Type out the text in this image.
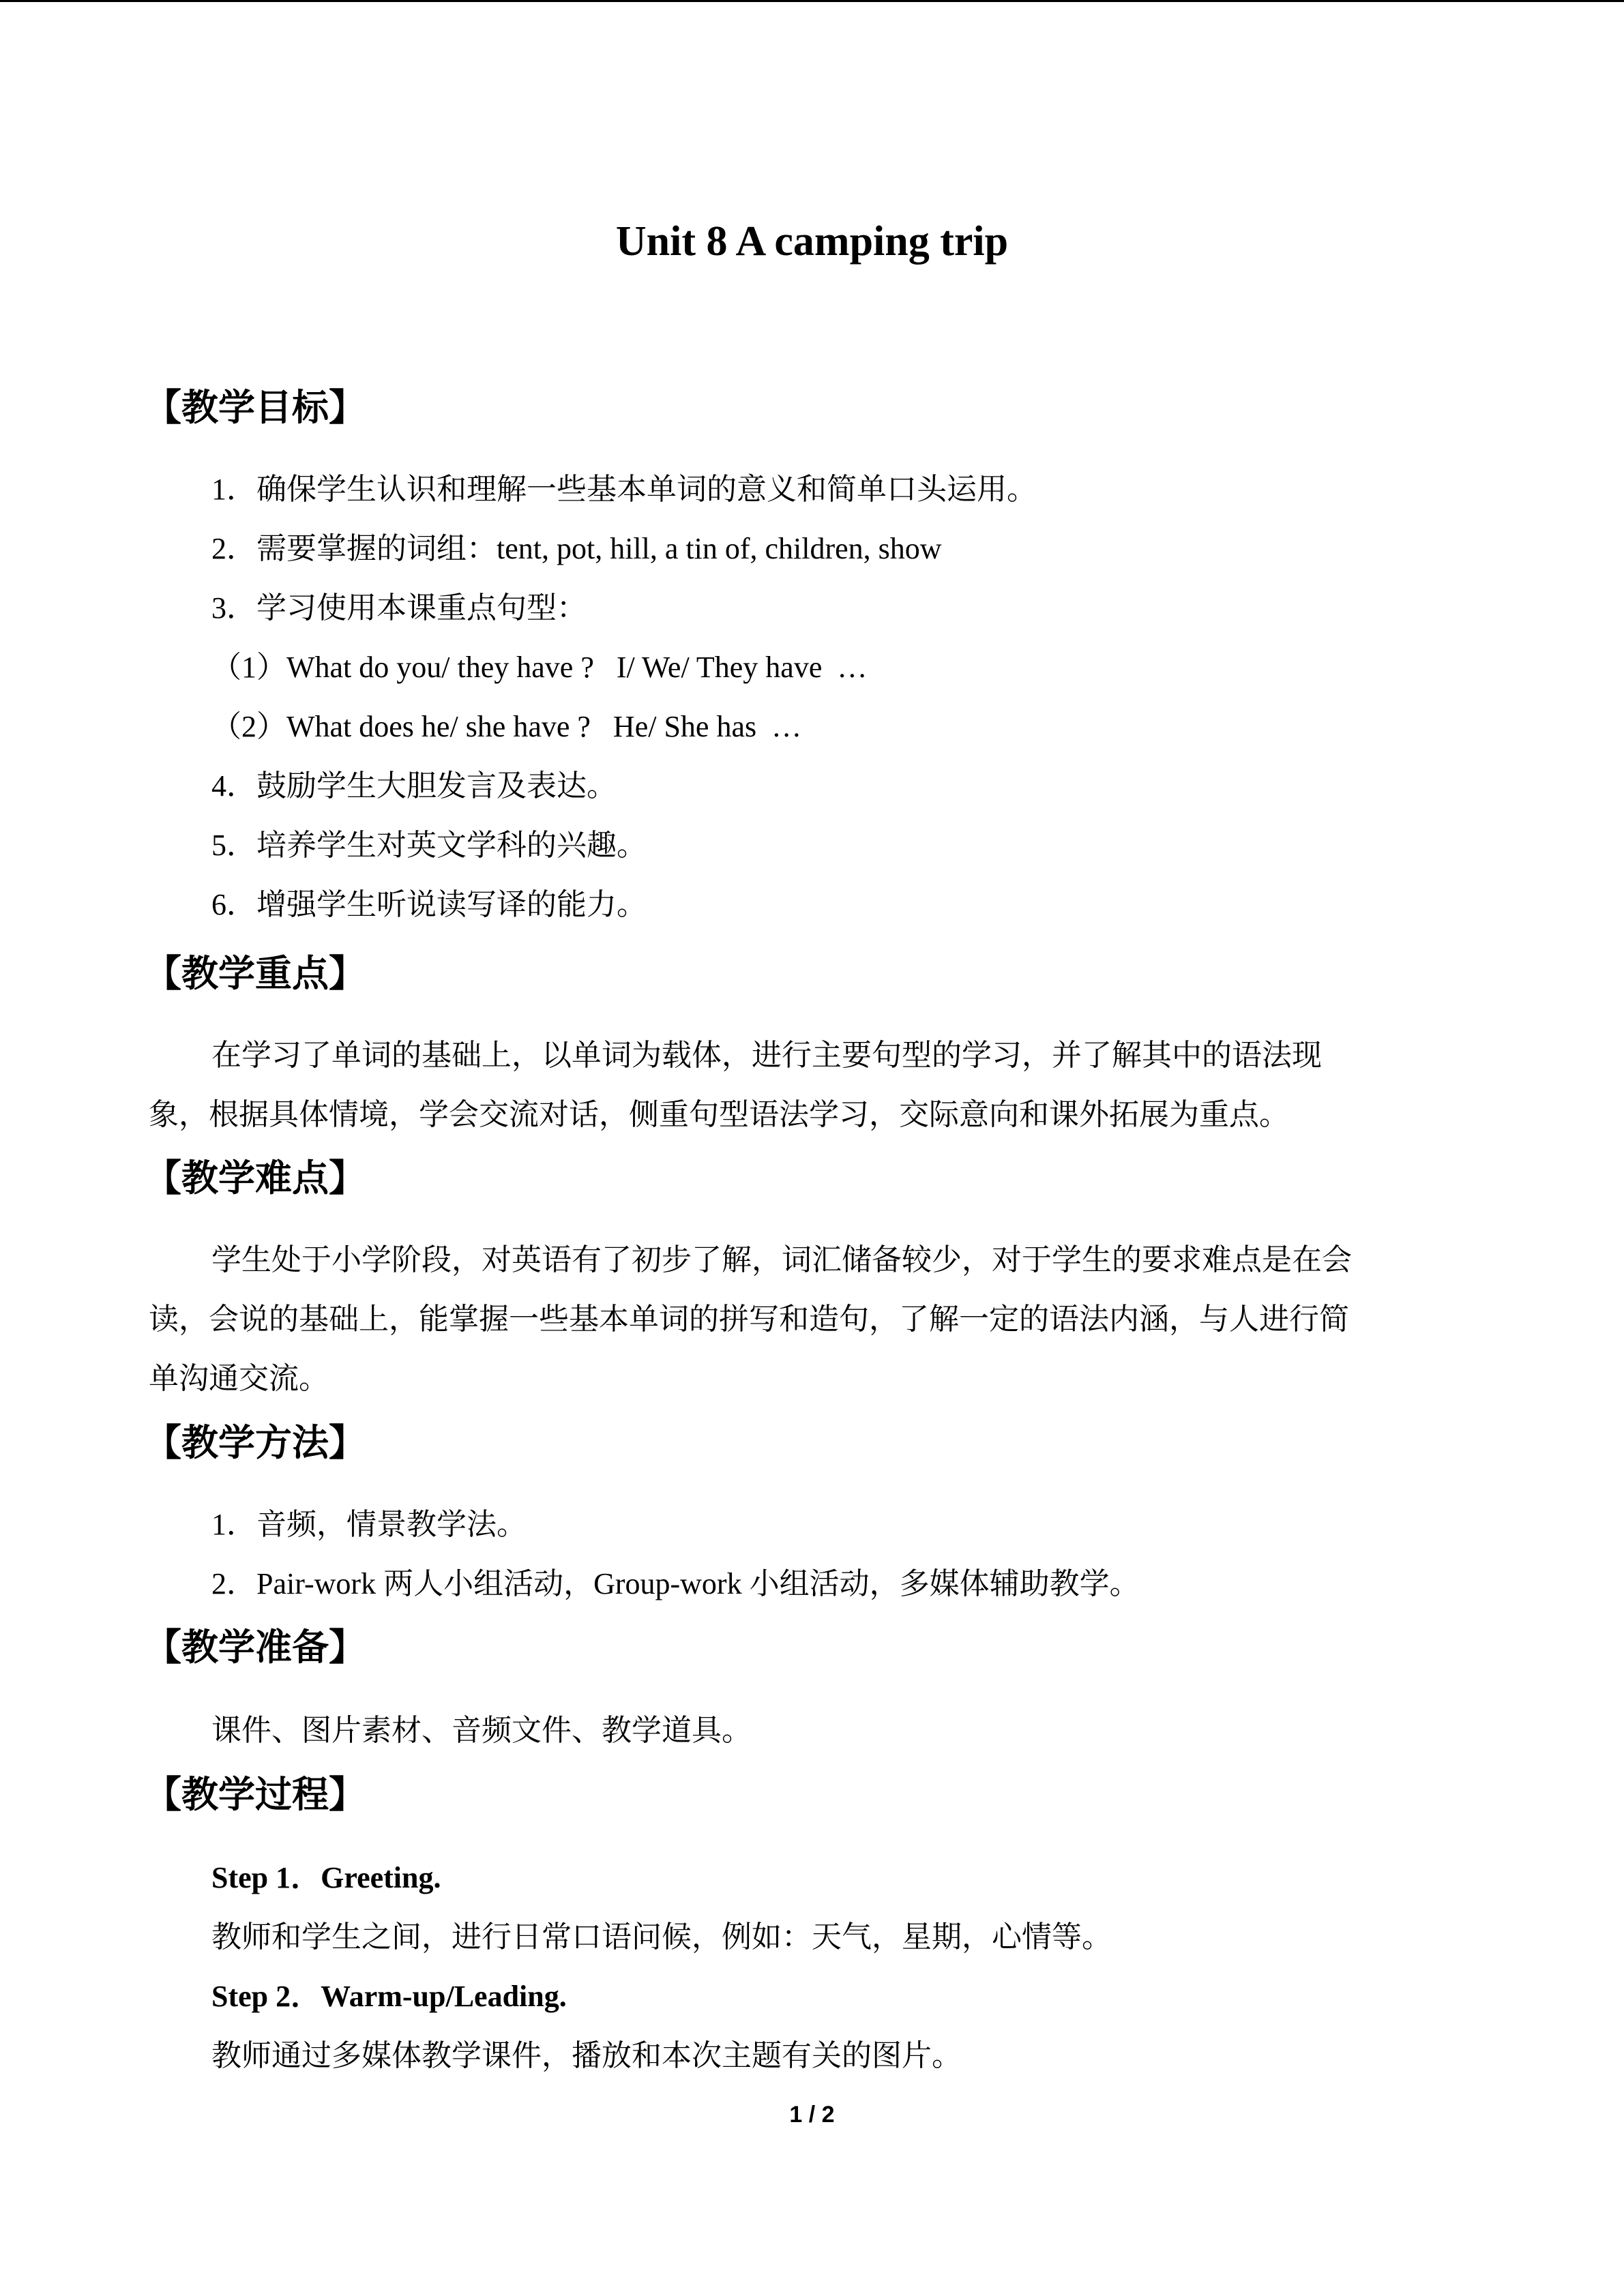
Unit 8 A camping trip
【教学目标】
1．确保学生认识和理解一些基本单词的意义和简单口头运用。
2．需要掌握的词组：tent, pot, hill, a tin of, children, show
3．学习使用本课重点句型：
（1）What do you/ they have ?   I/ We/ They have  …
（2）What does he/ she have ?   He/ She has  …
4．鼓励学生大胆发言及表达。
5．培养学生对英文学科的兴趣。
6．增强学生听说读写译的能力。
【教学重点】
在学习了单词的基础上，以单词为载体，进行主要句型的学习，并了解其中的语法现
象，根据具体情境，学会交流对话，侧重句型语法学习，交际意向和课外拓展为重点。
【教学难点】
学生处于小学阶段，对英语有了初步了解，词汇储备较少，对于学生的要求难点是在会
读，会说的基础上，能掌握一些基本单词的拼写和造句，了解一定的语法内涵，与人进行简
单沟通交流。
【教学方法】
1．音频，情景教学法。
2．Pair-work 两人小组活动，Group-work 小组活动，多媒体辅助教学。
【教学准备】
课件、图片素材、音频文件、教学道具。
【教学过程】
Step 1．Greeting.
教师和学生之间，进行日常口语问候，例如：天气，星期，心情等。
Step 2．Warm-up/Leading.
教师通过多媒体教学课件，播放和本次主题有关的图片。
1 / 2
